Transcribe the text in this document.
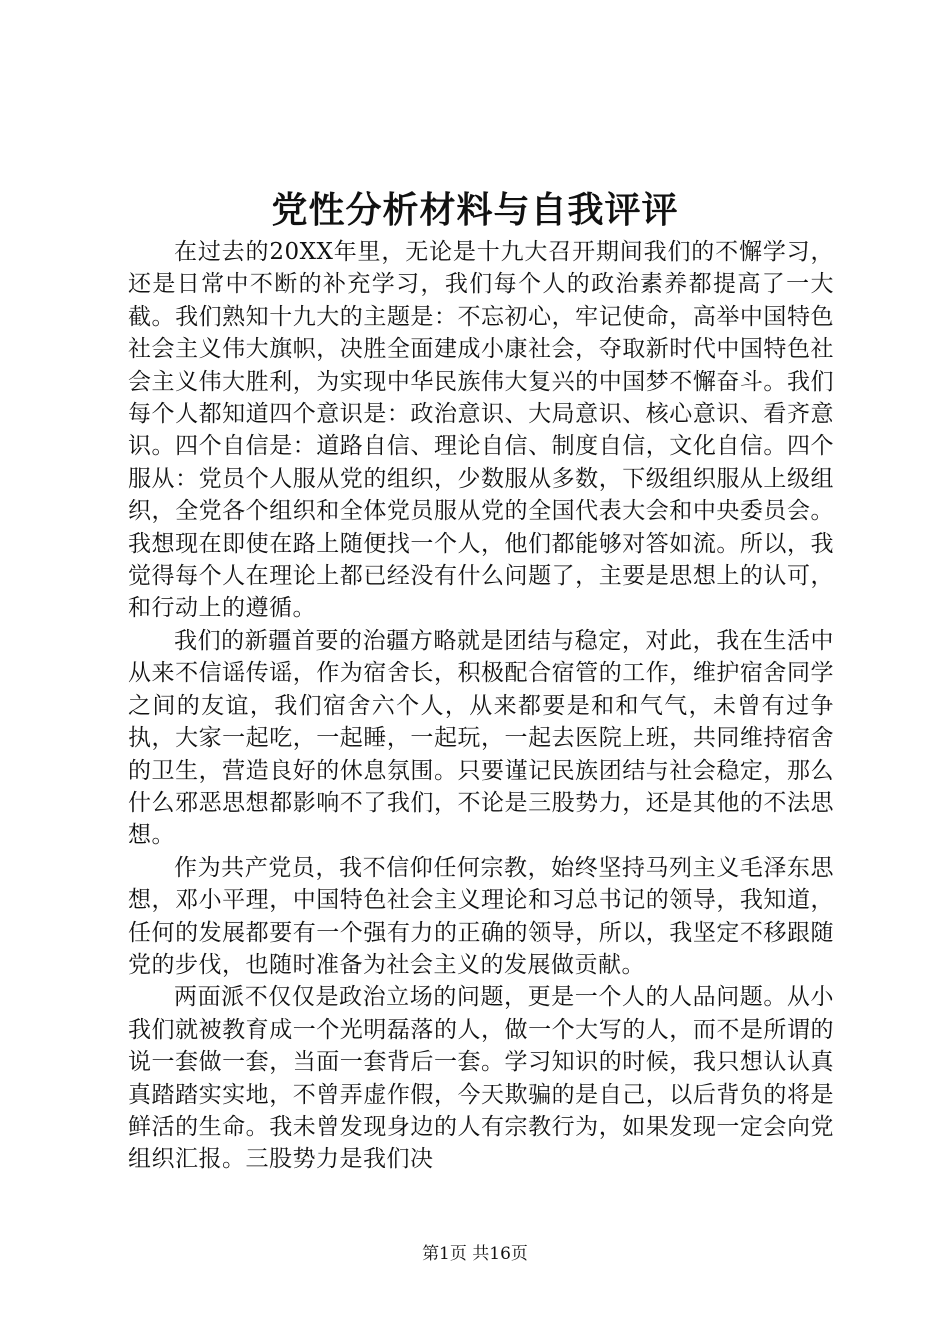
党性分析材料与自我评评

在过去的20XX年里，无论是十九大召开期间我们的不懈学习，还是日常中不断的补充学习，我们每个人的政治素养都提高了一大截。我们熟知十九大的主题是：不忘初心，牢记使命，高举中国特色社会主义伟大旗帜，决胜全面建成小康社会，夺取新时代中国特色社会主义伟大胜利，为实现中华民族伟大复兴的中国梦不懈奋斗。我们每个人都知道四个意识是：政治意识、大局意识、核心意识、看齐意识。四个自信是：道路自信、理论自信、制度自信，文化自信。四个服从：党员个人服从党的组织，少数服从多数，下级组织服从上级组织，全党各个组织和全体党员服从党的全国代表大会和中央委员会。我想现在即使在路上随便找一个人，他们都能够对答如流。所以，我觉得每个人在理论上都已经没有什么问题了，主要是思想上的认可，和行动上的遵循。

我们的新疆首要的治疆方略就是团结与稳定，对此，我在生活中从来不信谣传谣，作为宿舍长，积极配合宿管的工作，维护宿舍同学之间的友谊，我们宿舍六个人，从来都要是和和气气，未曾有过争执，大家一起吃，一起睡，一起玩，一起去医院上班，共同维持宿舍的卫生，营造良好的休息氛围。只要谨记民族团结与社会稳定，那么什么邪恶思想都影响不了我们，不论是三股势力，还是其他的不法思想。

作为共产党员，我不信仰任何宗教，始终坚持马列主义毛泽东思想，邓小平理，中国特色社会主义理论和习总书记的领导，我知道，任何的发展都要有一个强有力的正确的领导，所以，我坚定不移跟随党的步伐，也随时准备为社会主义的发展做贡献。

两面派不仅仅是政治立场的问题，更是一个人的人品问题。从小我们就被教育成一个光明磊落的人，做一个大写的人，而不是所谓的说一套做一套，当面一套背后一套。学习知识的时候，我只想认认真真踏踏实实地，不曾弄虚作假，今天欺骗的是自己，以后背负的将是鲜活的生命。我未曾发现身边的人有宗教行为，如果发现一定会向党组织汇报。三股势力是我们决

第1页 共16页
